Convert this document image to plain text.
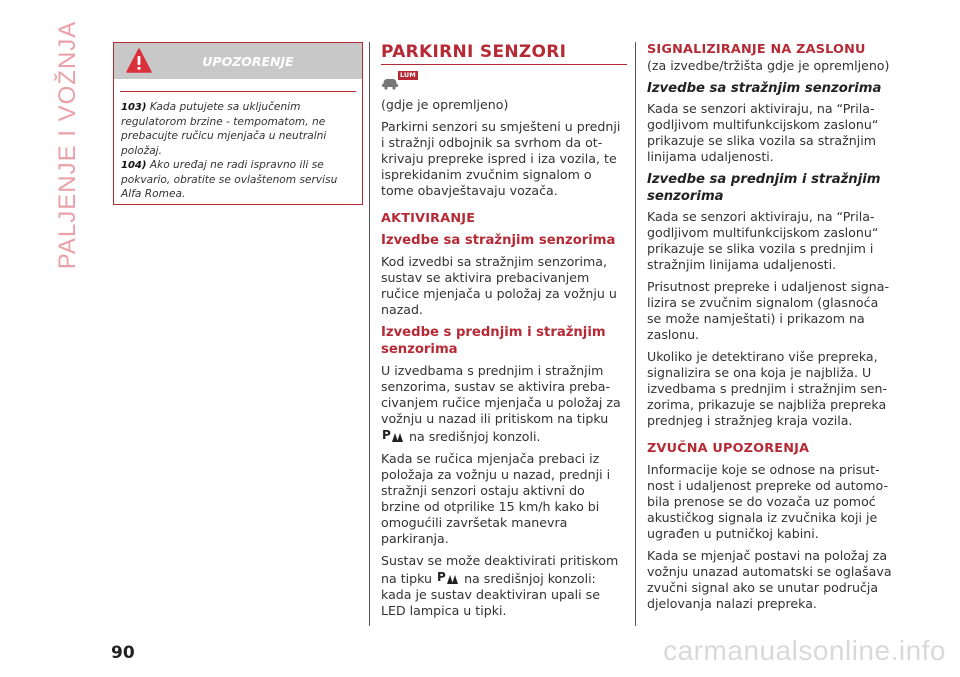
PALJENJE I VOŽNJA	UPOZORENJE
103) Kada putujete sa uključenim regulatorom brzine - tempomatom, ne prebacujte ručicu mjenjača u neutralni položaj.
104) Ako uređaj ne radi ispravno ili se pokvario, obratite se ovlaštenom servisu Alfa Romea.
PARKIRNI SENZORI
LUM

(gdje je opremljeno)

Parkirni senzori su smješteni u prednji i stražnji odbojnik sa svrhom da ot-krivaju prepreke ispred i iza vozila, te isprekidanim zvučnim signalom o tome obavještavaju vozača.

AKTIVIRANJE
Izvedbe sa stražnjim senzorima

Kod izvedbi sa stražnjim senzorima, sustav se aktivira prebacivanjem ručice mjenjača u položaj za vožnju u nazad.

Izvedbe s prednjim i stražnjim senzorima

U izvedbama s prednjim i stražnjim senzorima, sustav se aktivira preba-civanjem ručice mjenjača u položaj za vožnju u nazad ili pritiskom na tipku
P na središnjoj konzoli.

Kada se ručica mjenjača prebaci iz položaja za vožnju u nazad, prednji i stražnji senzori ostaju aktivni do brzine od otprilike 15 km/h kako bi omogućili završetak manevra parkiranja.

Sustav se može deaktivirati pritiskom na tipku P na središnjoj konzoli: kada je sustav deaktiviran upali se LED lampica u tipki.

SIGNALIZIRANJE NA ZASLONU

(za izvedbe/tržišta gdje je opremljeno)

Izvedbe sa stražnjim senzorima

Kada se senzori aktiviraju, na “Prila-godljivom multifunkcijskom zaslonu“ prikazuje se slika vozila sa stražnjim linijama udaljenosti.

Izvedbe sa prednjim i stražnjim senzorima

Kada se senzori aktiviraju, na “Prila-godljivom multifunkcijskom zaslonu“ prikazuje se slika vozila s prednjim i stražnjim linijama udaljenosti.

Prisutnost prepreke i udaljenost signa-lizira se zvučnim signalom (glasnoća se može namještati) i prikazom na zaslonu.

Ukoliko je detektirano više prepreka, signalizira se ona koja je najbliža. U izvedbama s prednjim i stražnjim sen-zorima, prikazuje se najbliža prepreka prednjeg i stražnjeg kraja vozila.

ZVUČNA UPOZORENJA

Informacije koje se odnose na prisut-nost i udaljenost prepreke od automo-bila prenose se do vozača uz pomoć akustičkog signala iz zvučnika koji je ugrađen u putničkoj kabini.

Kada se mjenjač postavi na položaj za vožnju unazad automatski se oglašava zvučni signal ako se unutar područja djelovanja nalazi prepreka.

90	carmanualsonline.info
